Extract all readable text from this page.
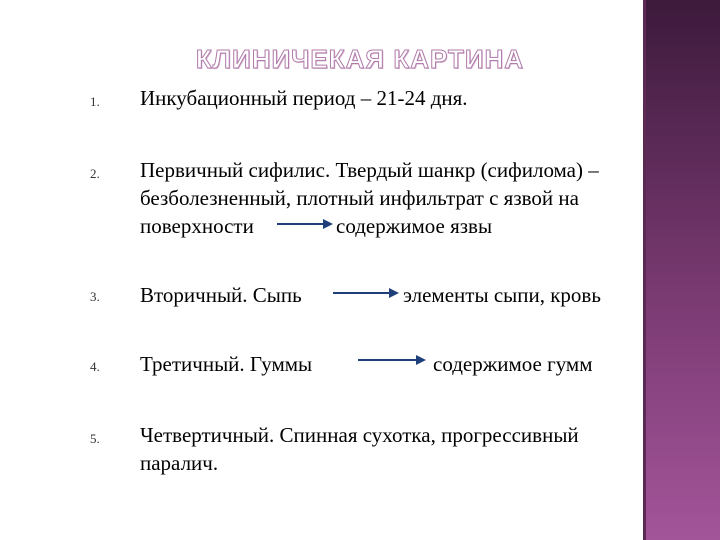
КЛИНИЧЕКАЯ КАРТИНА
1. Инкубационный период – 21-24 дня.
2. Первичный сифилис. Твердый шанкр (сифилома) –
безболезненный, плотный инфильтрат с язвой на
поверхности	содержимое язвы
3. Вторичный. Сыпь	элементы сыпи, кровь
4. Третичный. Гуммы	содержимое гумм
5. Четвертичный. Спинная сухотка, прогрессивный
паралич.
